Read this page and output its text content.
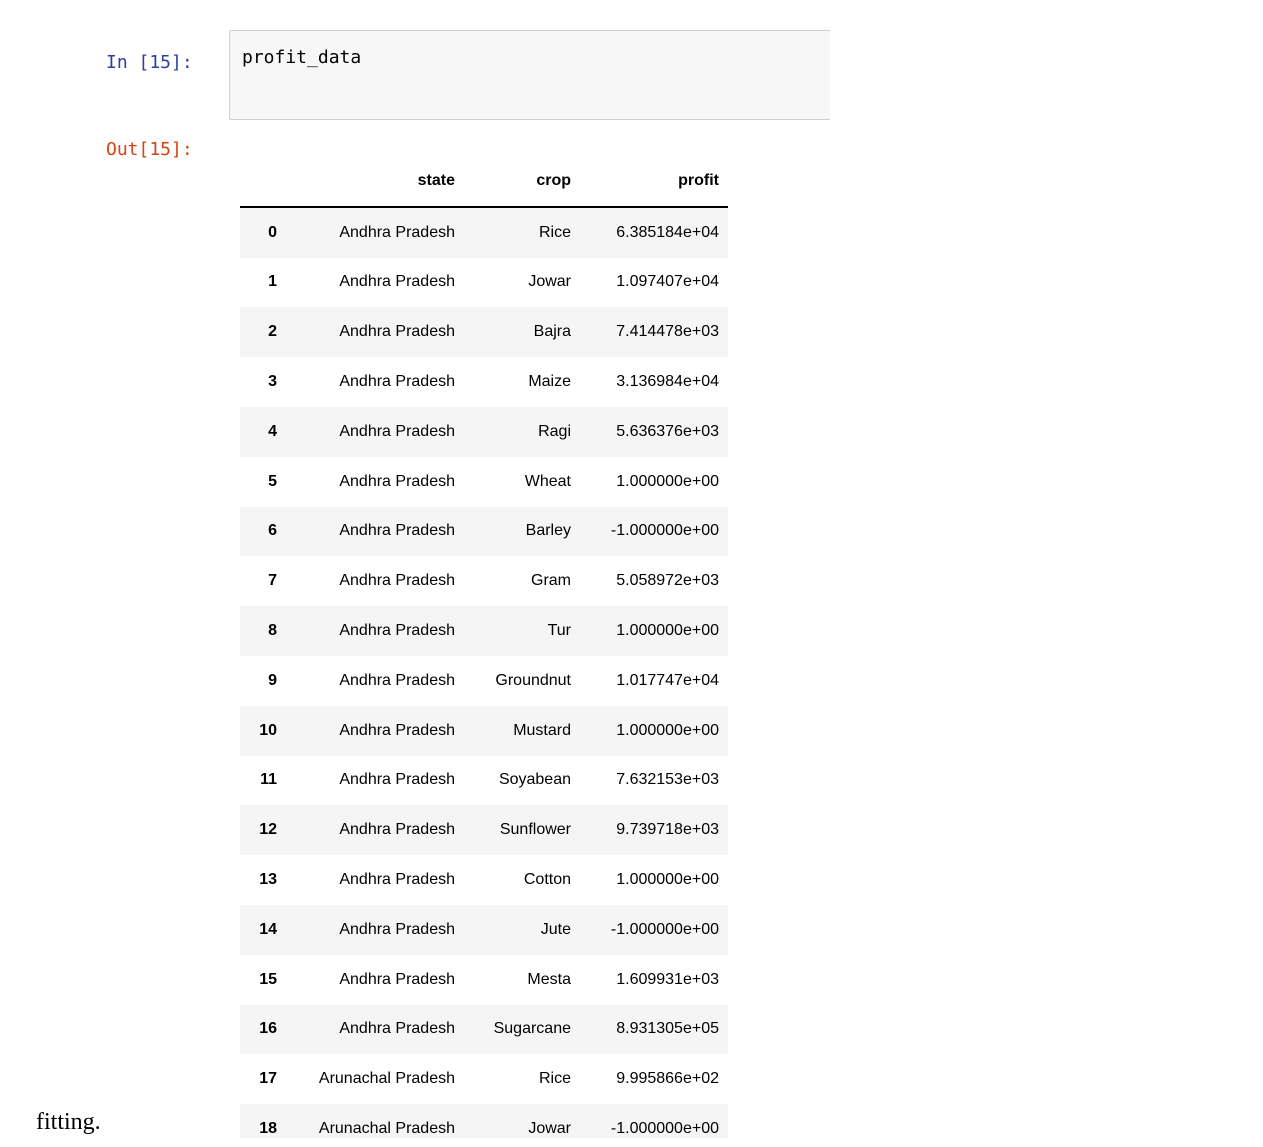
In [15]:	profit_data
Out[15]:
	state	crop	profit
0	Andhra Pradesh	Rice	6.385184e+04
1	Andhra Pradesh	Jowar	1.097407e+04
2	Andhra Pradesh	Bajra	7.414478e+03
3	Andhra Pradesh	Maize	3.136984e+04
4	Andhra Pradesh	Ragi	5.636376e+03
5	Andhra Pradesh	Wheat	1.000000e+00
6	Andhra Pradesh	Barley	-1.000000e+00
7	Andhra Pradesh	Gram	5.058972e+03
8	Andhra Pradesh	Tur	1.000000e+00
9	Andhra Pradesh	Groundnut	1.017747e+04
10	Andhra Pradesh	Mustard	1.000000e+00
11	Andhra Pradesh	Soyabean	7.632153e+03
12	Andhra Pradesh	Sunflower	9.739718e+03
13	Andhra Pradesh	Cotton	1.000000e+00
14	Andhra Pradesh	Jute	-1.000000e+00
15	Andhra Pradesh	Mesta	1.609931e+03
16	Andhra Pradesh	Sugarcane	8.931305e+05
17	Arunachal Pradesh	Rice	9.995866e+02
18	Arunachal Pradesh	Jowar	-1.000000e+00
fitting.
